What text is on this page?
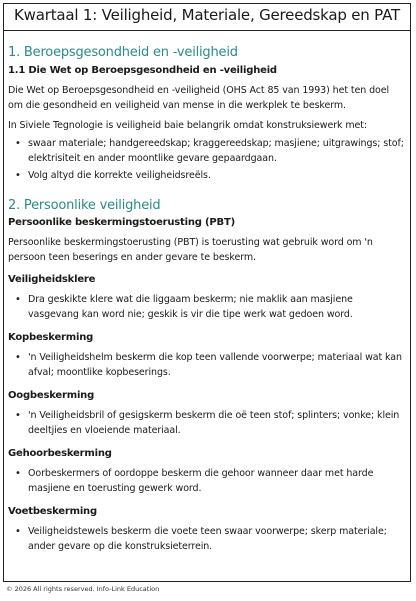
Kwartaal 1: Veiligheid, Materiale, Gereedskap en PAT
1. Beroepsgesondheid en -veiligheid
1.1 Die Wet op Beroepsgesondheid en -veiligheid

Die Wet op Beroepsgesondheid en -veiligheid (OHS Act 85 van 1993) het ten doel om die gesondheid en veiligheid van mense in die werkplek te beskerm.

In Siviele Tegnologie is veiligheid baie belangrik omdat konstruksiewerk met:

• swaar materiale; handgereedskap; kraggereedskap; masjiene; uitgrawings; stof; elektrisiteit en ander moontlike gevare gepaardgaan.
• Volg altyd die korrekte veiligheidsreëls.
2. Persoonlike veiligheid
Persoonlike beskermingstoerusting (PBT)

Persoonlike beskermingstoerusting (PBT) is toerusting wat gebruik word om 'n persoon teen beserings en ander gevare te beskerm.

Veiligheidsklere
• Dra geskikte klere wat die liggaam beskerm; nie maklik aan masjiene vasgevang kan word nie; geskik is vir die tipe werk wat gedoen word.
Kopbeskerming
• 'n Veiligheidshelm beskerm die kop teen vallende voorwerpe; materiaal wat kan afval; moontlike kopbeserings.
Oogbeskerming
• 'n Veiligheidsbril of gesigskerm beskerm die oë teen stof; splinters; vonke; klein deeltjies en vloeiende materiaal.
Gehoorbeskerming
• Oorbeskermers of oordoppe beskerm die gehoor wanneer daar met harde masjiene en toerusting gewerk word.
Voetbeskerming
• Veiligheidstewels beskerm die voete teen swaar voorwerpe; skerp materiale; ander gevare op die konstruksieterrein.
© 2026 All rights reserved. Info-Link Education
